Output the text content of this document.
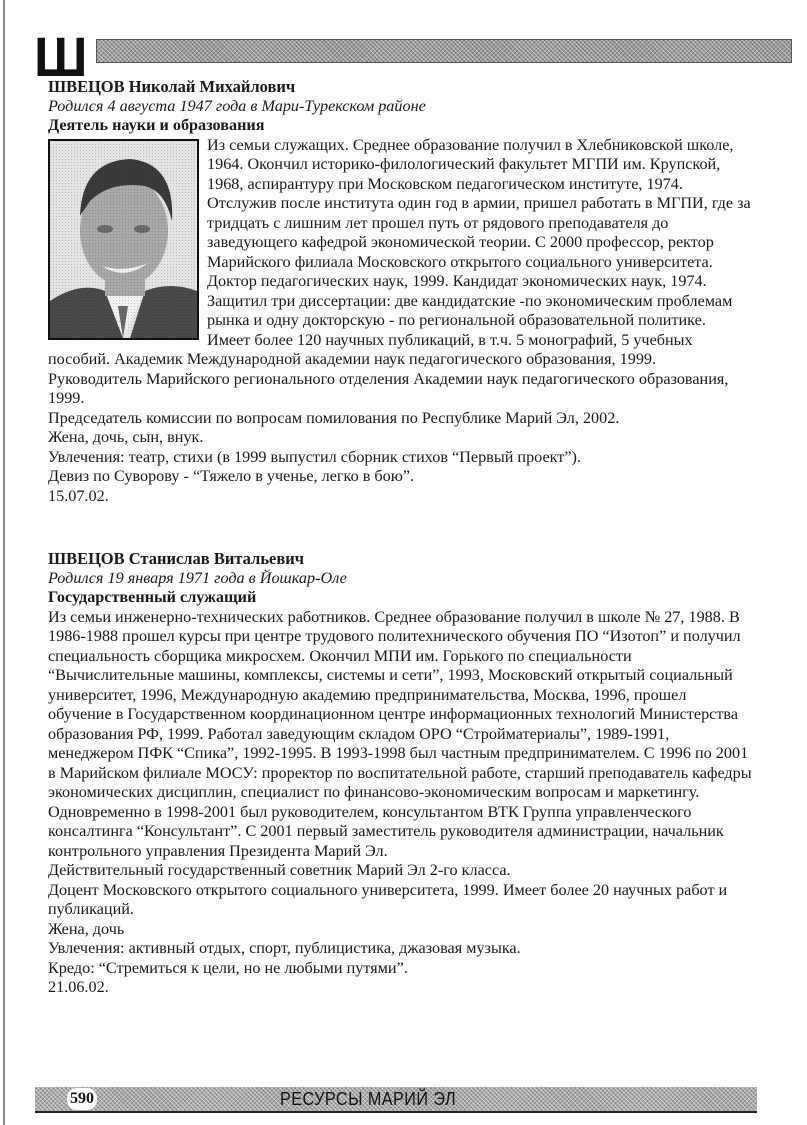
Ш
ШВЕЦОВ Николай Михайлович
Родился 4 августа 1947 года в Мари-Турекском районе
Деятель науки и образования

Из семьи служащих. Среднее образование получил в Хлебниковской школе, 1964. Окончил историко-филологический факультет МГПИ им. Крупской, 1968, аспирантуру при Московском педагогическом институте, 1974. Отслужив после института один год в армии, пришел работать в МГПИ, где за тридцать с лишним лет прошел путь от рядового преподавателя до заведующего кафедрой экономической теории. С 2000 профессор, ректор Марийского филиала Московского открытого социального университета.

Доктор педагогических наук, 1999. Кандидат экономических наук, 1974. Защитил три диссертации: две кандидатские -по экономическим проблемам рынка и одну докторскую - по региональной образовательной политике. Имеет более 120 научных публикаций, в т.ч. 5 монографий, 5 учебных пособий. Академик Международной академии наук педагогического образования, 1999. Руководитель Марийского регионального отделения Академии наук педагогического образования, 1999.

Председатель комиссии по вопросам помилования по Республике Марий Эл, 2002.

Жена, дочь, сын, внук.

Увлечения: театр, стихи (в 1999 выпустил сборник стихов “Первый проект”).

Девиз по Суворову - “Тяжело в ученье, легко в бою”.

15.07.02.

ШВЕЦОВ Станислав Витальевич
Родился 19 января 1971 года в Йошкар-Оле
Государственный служащий

Из семьи инженерно-технических работников. Среднее образование получил в школе № 27, 1988. В 1986-1988 прошел курсы при центре трудового политехнического обучения ПО “Изотоп” и получил специальность сборщика микросхем. Окончил МПИ им. Горького по специальности “Вычислительные машины, комплексы, системы и сети”, 1993, Московский открытый социальный университет, 1996, Международную академию предпринимательства, Москва, 1996, прошел обучение в Государственном координационном центре информационных технологий Министерства образования РФ, 1999. Работал заведующим складом ОРО “Стройматериалы”, 1989-1991, менеджером ПФК “Спика”, 1992-1995. В 1993-1998 был частным предпринимателем. С 1996 по 2001 в Марийском филиале МОСУ: проректор по воспитательной работе, старший преподаватель кафедры экономических дисциплин, специалист по финансово-экономическим вопросам и маркетингу. Одновременно в 1998-2001 был руководителем, консультантом ВТК Группа управленческого консалтинга “Консультант”. С 2001 первый заместитель руководителя администрации, начальник контрольного управления Президента Марий Эл.

Действительный государственный советник Марий Эл 2-го класса.

Доцент Московского открытого социального университета, 1999. Имеет более 20 научных работ и публикаций.

Жена, дочь

Увлечения: активный отдых, спорт, публицистика, джазовая музыка.

Кредо: “Стремиться к цели, но не любыми путями”.

21.06.02.

590	РЕСУРСЫ МАРИЙ ЭЛ
